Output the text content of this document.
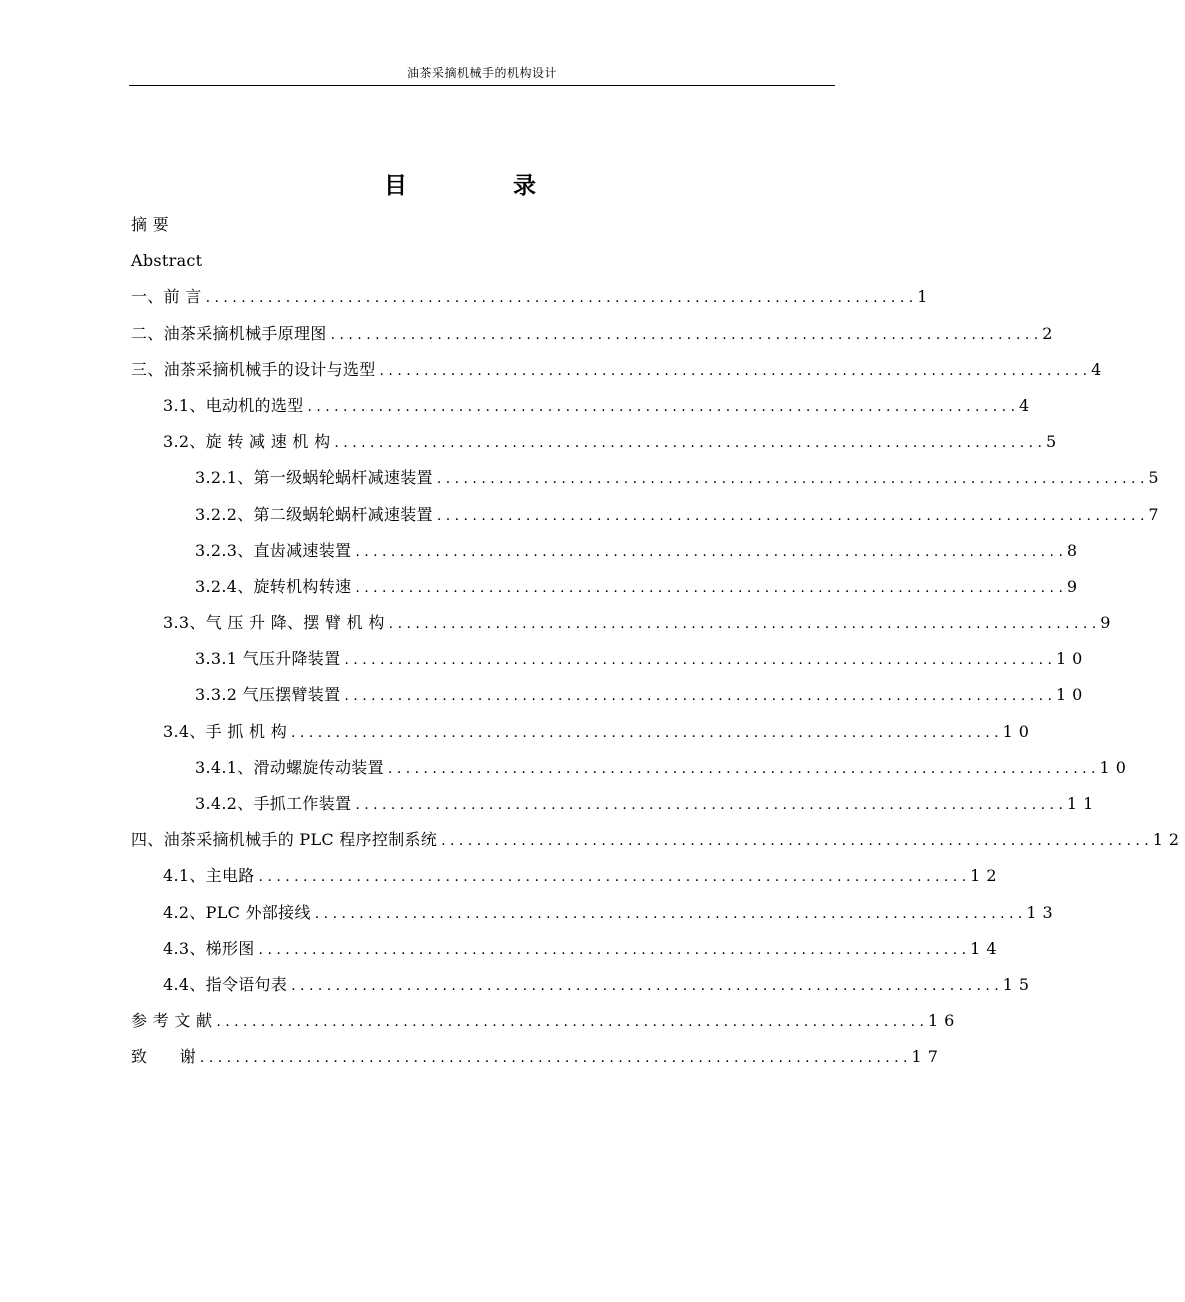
油茶采摘机械手的机构设计
目	录
摘 要
Abstract
一、前 言 . . .	1
二、油茶采摘机械手原理图 . . .	2
三、油茶采摘机械手的设计与选型 . . .	4
3.1、电动机的选型 . . .	4
3.2、旋 转 减 速 机 构 . . .	5
3.2.1、第一级蜗轮蜗杆减速装置 . . .	5
3.2.2、第二级蜗轮蜗杆减速装置 . . .	7
3.2.3、直齿减速装置 . . .	8
3.2.4、旋转机构转速 . . .	9
3.3、气 压 升 降、摆 臂 机 构 . . .	9
3.3.1 气压升降装置 . . .	10
3.3.2 气压摆臂装置 . . .	10
3.4、手 抓 机 构 . . .	10
3.4.1、滑动螺旋传动装置 . . .	10
3.4.2、手抓工作装置 . . .	11
四、油茶采摘机械手的 PLC 程序控制系统 . . .	12
4.1、主电路 . . .	12
4.2、PLC 外部接线 . . .	13
4.3、梯形图 . . .	14
4.4、指令语句表 . . .	15
参 考 文 献 . . .	16
致      谢 . . .	17
